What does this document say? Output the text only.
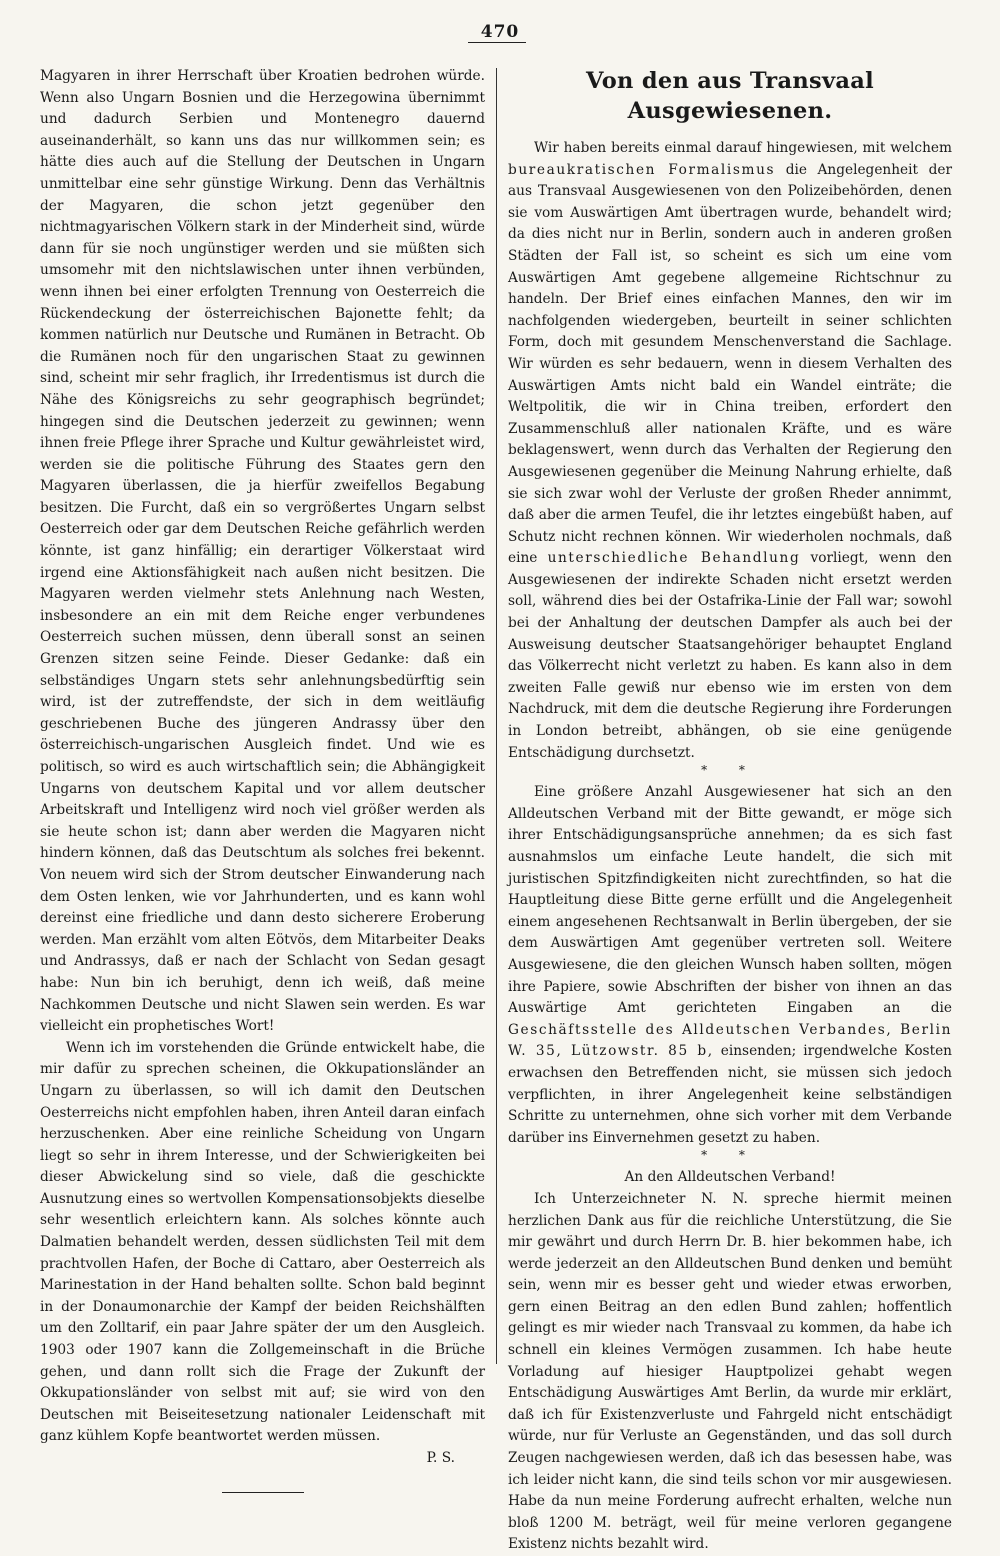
470

Magyaren in ihrer Herrschaft über Kroatien bedrohen würde. Wenn also Ungarn Bosnien und die Herzegowina übernimmt und dadurch Serbien und Montenegro dauernd auseinanderhält, so kann uns das nur willkommen sein; es hätte dies auch auf die Stellung der Deutschen in Ungarn unmittelbar eine sehr günstige Wirkung. Denn das Verhältnis der Magyaren, die schon jetzt gegenüber den nichtmagyarischen Völkern stark in der Minderheit sind, würde dann für sie noch ungünstiger werden und sie müßten sich umsomehr mit den nichtslawischen unter ihnen verbünden, wenn ihnen bei einer erfolgten Trennung von Oesterreich die Rückendeckung der österreichischen Bajonette fehlt; da kommen natürlich nur Deutsche und Rumänen in Betracht. Ob die Rumänen noch für den ungarischen Staat zu gewinnen sind, scheint mir sehr fraglich, ihr Irredentismus ist durch die Nähe des Königsreichs zu sehr geographisch begründet; hingegen sind die Deutschen jederzeit zu gewinnen; wenn ihnen freie Pflege ihrer Sprache und Kultur gewährleistet wird, werden sie die politische Führung des Staates gern den Magyaren überlassen, die ja hierfür zweifellos Begabung besitzen. Die Furcht, daß ein so vergrößertes Ungarn selbst Oesterreich oder gar dem Deutschen Reiche gefährlich werden könnte, ist ganz hinfällig; ein derartiger Völkerstaat wird irgend eine Aktionsfähigkeit nach außen nicht besitzen. Die Magyaren werden vielmehr stets Anlehnung nach Westen, insbesondere an ein mit dem Reiche enger verbundenes Oesterreich suchen müssen, denn überall sonst an seinen Grenzen sitzen seine Feinde. Dieser Gedanke: daß ein selbständiges Ungarn stets sehr anlehnungsbedürftig sein wird, ist der zutreffendste, der sich in dem weitläufig geschriebenen Buche des jüngeren Andrassy über den österreichisch-ungarischen Ausgleich findet. Und wie es politisch, so wird es auch wirtschaftlich sein; die Abhängigkeit Ungarns von deutschem Kapital und vor allem deutscher Arbeitskraft und Intelligenz wird noch viel größer werden als sie heute schon ist; dann aber werden die Magyaren nicht hindern können, daß das Deutschtum als solches frei bekennt. Von neuem wird sich der Strom deutscher Einwanderung nach dem Osten lenken, wie vor Jahrhunderten, und es kann wohl dereinst eine friedliche und dann desto sicherere Eroberung werden. Man erzählt vom alten Eötvös, dem Mitarbeiter Deaks und Andrassys, daß er nach der Schlacht von Sedan gesagt habe: Nun bin ich beruhigt, denn ich weiß, daß meine Nachkommen Deutsche und nicht Slawen sein werden. Es war vielleicht ein prophetisches Wort!

Wenn ich im vorstehenden die Gründe entwickelt habe, die mir dafür zu sprechen scheinen, die Okkupationsländer an Ungarn zu überlassen, so will ich damit den Deutschen Oesterreichs nicht empfohlen haben, ihren Anteil daran einfach herzuschenken. Aber eine reinliche Scheidung von Ungarn liegt so sehr in ihrem Interesse, und der Schwierigkeiten bei dieser Abwickelung sind so viele, daß die geschickte Ausnutzung eines so wertvollen Kompensationsobjekts dieselbe sehr wesentlich erleichtern kann. Als solches könnte auch Dalmatien behandelt werden, dessen südlichsten Teil mit dem prachtvollen Hafen, der Boche di Cattaro, aber Oesterreich als Marinestation in der Hand behalten sollte. Schon bald beginnt in der Donaumonarchie der Kampf der beiden Reichshälften um den Zolltarif, ein paar Jahre später der um den Ausgleich. 1903 oder 1907 kann die Zollgemeinschaft in die Brüche gehen, und dann rollt sich die Frage der Zukunft der Okkupationsländer von selbst mit auf; sie wird von den Deutschen mit Beiseitesetzung nationaler Leidenschaft mit ganz kühlem Kopfe beantwortet werden müssen.

P. S.

Von den aus Transvaal Ausgewiesenen.

Wir haben bereits einmal darauf hingewiesen, mit welchem bureaukratischen Formalismus die Angelegenheit der aus Transvaal Ausgewiesenen von den Polizeibehörden, denen sie vom Auswärtigen Amt übertragen wurde, behandelt wird; da dies nicht nur in Berlin, sondern auch in anderen großen Städten der Fall ist, so scheint es sich um eine vom Auswärtigen Amt gegebene allgemeine Richtschnur zu handeln. Der Brief eines einfachen Mannes, den wir im nachfolgenden wiedergeben, beurteilt in seiner schlichten Form, doch mit gesundem Menschenverstand die Sachlage. Wir würden es sehr bedauern, wenn in diesem Verhalten des Auswärtigen Amts nicht bald ein Wandel einträte; die Weltpolitik, die wir in China treiben, erfordert den Zusammenschluß aller nationalen Kräfte, und es wäre beklagenswert, wenn durch das Verhalten der Regierung den Ausgewiesenen gegenüber die Meinung Nahrung erhielte, daß sie sich zwar wohl der Verluste der großen Rheder annimmt, daß aber die armen Teufel, die ihr letztes eingebüßt haben, auf Schutz nicht rechnen können. Wir wiederholen nochmals, daß eine unterschiedliche Behandlung vorliegt, wenn den Ausgewiesenen der indirekte Schaden nicht ersetzt werden soll, während dies bei der Ostafrika-Linie der Fall war; sowohl bei der Anhaltung der deutschen Dampfer als auch bei der Ausweisung deutscher Staatsangehöriger behauptet England das Völkerrecht nicht verletzt zu haben. Es kann also in dem zweiten Falle gewiß nur ebenso wie im ersten von dem Nachdruck, mit dem die deutsche Regierung ihre Forderungen in London betreibt, abhängen, ob sie eine genügende Entschädigung durchsetzt.

* *

Eine größere Anzahl Ausgewiesener hat sich an den Alldeutschen Verband mit der Bitte gewandt, er möge sich ihrer Entschädigungsansprüche annehmen; da es sich fast ausnahmslos um einfache Leute handelt, die sich mit juristischen Spitzfindigkeiten nicht zurechtfinden, so hat die Hauptleitung diese Bitte gerne erfüllt und die Angelegenheit einem angesehenen Rechtsanwalt in Berlin übergeben, der sie dem Auswärtigen Amt gegenüber vertreten soll. Weitere Ausgewiesene, die den gleichen Wunsch haben sollten, mögen ihre Papiere, sowie Abschriften der bisher von ihnen an das Auswärtige Amt gerichteten Eingaben an die Geschäftsstelle des Alldeutschen Verbandes, Berlin W. 35, Lützowstr. 85 b, einsenden; irgendwelche Kosten erwachsen den Betreffenden nicht, sie müssen sich jedoch verpflichten, in ihrer Angelegenheit keine selbständigen Schritte zu unternehmen, ohne sich vorher mit dem Verbande darüber ins Einvernehmen gesetzt zu haben.

* *

An den Alldeutschen Verband!

Ich Unterzeichneter N. N. spreche hiermit meinen herzlichen Dank aus für die reichliche Unterstützung, die Sie mir gewährt und durch Herrn Dr. B. hier bekommen habe, ich werde jederzeit an den Alldeutschen Bund denken und bemüht sein, wenn mir es besser geht und wieder etwas erworben, gern einen Beitrag an den edlen Bund zahlen; hoffentlich gelingt es mir wieder nach Transvaal zu kommen, da habe ich schnell ein kleines Vermögen zusammen. Ich habe heute Vorladung auf hiesiger Hauptpolizei gehabt wegen Entschädigung Auswärtiges Amt Berlin, da wurde mir erklärt, daß ich für Existenzverluste und Fahrgeld nicht entschädigt würde, nur für Verluste an Gegenständen, und das soll durch Zeugen nachgewiesen werden, daß ich das besessen habe, was ich leider nicht kann, die sind teils schon vor mir ausgewiesen. Habe da nun meine Forderung aufrecht erhalten, welche nun bloß 1200 M. beträgt, weil für meine verloren gegangene Existenz nichts bezahlt wird.
